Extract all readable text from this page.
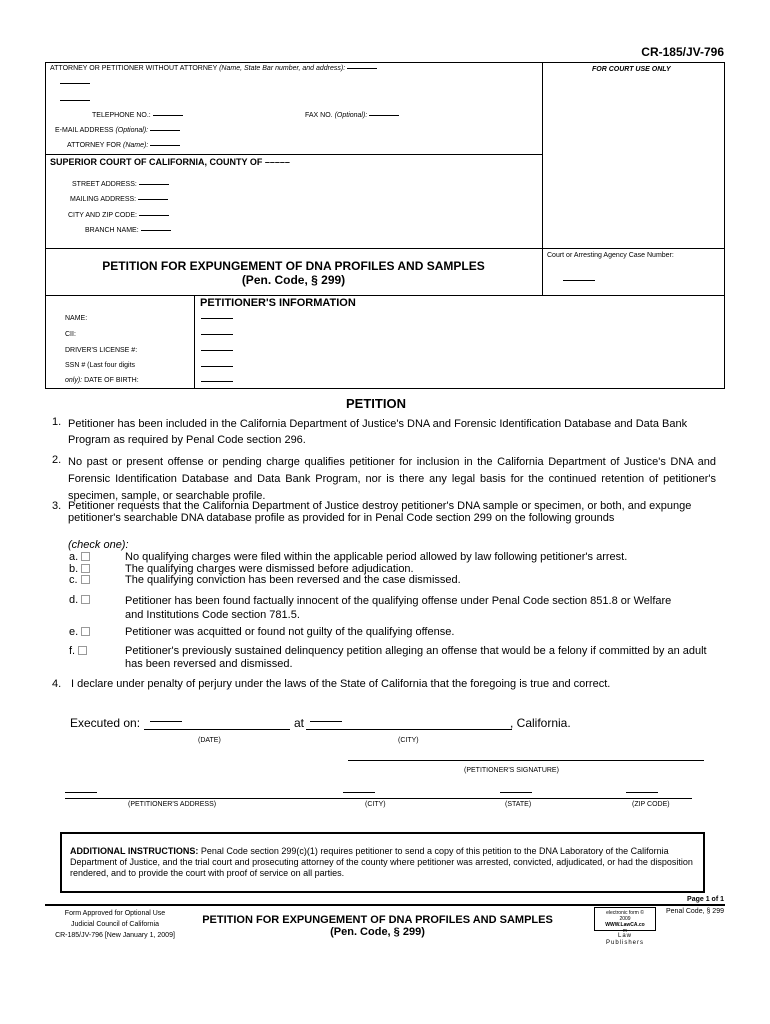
CR-185/JV-796
ATTORNEY OR PETITIONER WITHOUT ATTORNEY (Name, State Bar number, and address):	FOR COURT USE ONLY
TELEPHONE NO.:	FAX NO. (Optional):
E-MAIL ADDRESS (Optional):
ATTORNEY FOR (Name):
SUPERIOR COURT OF CALIFORNIA, COUNTY OF –––––
STREET ADDRESS:
MAILING ADDRESS:
CITY AND ZIP CODE:
BRANCH NAME:
PETITION FOR EXPUNGEMENT OF DNA PROFILES AND SAMPLES
(Pen. Code, § 299)
Court or Arresting Agency Case Number:
PETITIONER'S INFORMATION
NAME:
CII:
DRIVER'S LICENSE #:
SSN # (Last four digits
only): DATE OF BIRTH:
PETITION
1. Petitioner has been included in the California Department of Justice's DNA and Forensic Identification Database and Data Bank Program as required by Penal Code section 296.
2. No past or present offense or pending charge qualifies petitioner for inclusion in the California Department of Justice's DNA and Forensic Identification Database and Data Bank Program, nor is there any legal basis for the continued retention of petitioner's specimen, sample, or searchable profile.
3. Petitioner requests that the California Department of Justice destroy petitioner's DNA sample or specimen, or both, and expunge petitioner's searchable DNA database profile as provided for in Penal Code section 299 on the following grounds
(check one):
a.	No qualifying charges were filed within the applicable period allowed by law following petitioner's arrest.
b.	The qualifying charges were dismissed before adjudication.
c.	The qualifying conviction has been reversed and the case dismissed.
d.	Petitioner has been found factually innocent of the qualifying offense under Penal Code section 851.8 or Welfare and Institutions Code section 781.5.
e.	Petitioner was acquitted or found not guilty of the qualifying offense.
f.	Petitioner's previously sustained delinquency petition alleging an offense that would be a felony if committed by an adult has been reversed and dismissed.
4. I declare under penalty of perjury under the laws of the State of California that the foregoing is true and correct.
Executed on:	at	, California.
(DATE)	(CITY)
(PETITIONER'S SIGNATURE)
(PETITIONER'S ADDRESS)	(CITY)	(STATE)	(ZIP CODE)
ADDITIONAL INSTRUCTIONS: Penal Code section 299(c)(1) requires petitioner to send a copy of this petition to the DNA Laboratory of the California Department of Justice, and the trial court and prosecuting attorney of the county where petitioner was arrested, convicted, adjudicated, or had the disposition rendered, and to provide the court with proof of service on all parties.
Page 1 of 1
Form Approved for Optional Use
Judicial Council of California
CR-185/JV-796 [New January 1, 2009]
PETITION FOR EXPUNGEMENT OF DNA PROFILES AND SAMPLES
(Pen. Code, § 299)
electronic form ©
2009
WWW.LawCA.co
m
Law
Publishers
Penal Code, § 299
